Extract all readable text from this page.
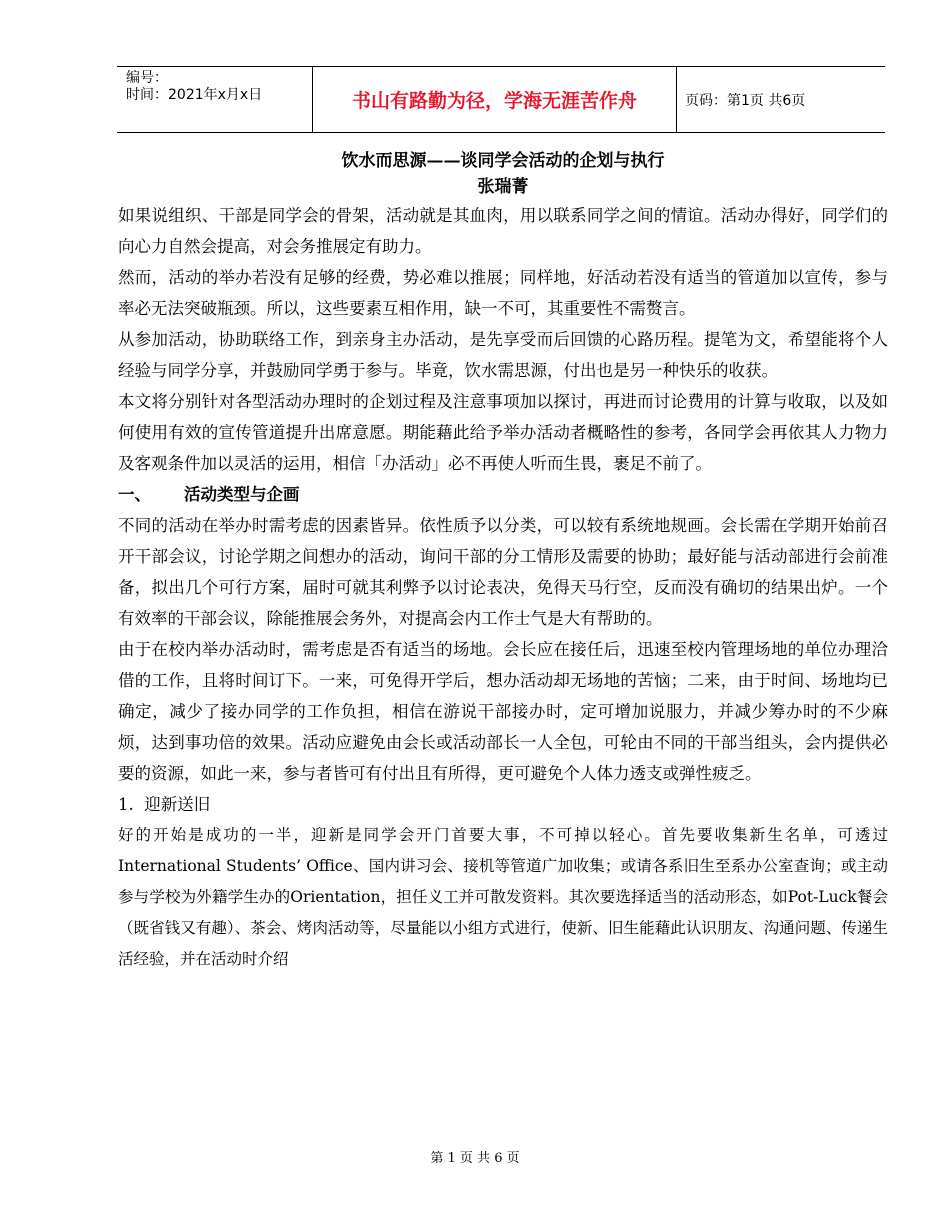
编号：
时间：2021年x月x日	书山有路勤为径，学海无涯苦作舟	页码：第1页 共6页

饮水而思源——谈同学会活动的企划与执行

张瑞菁

如果说组织、干部是同学会的骨架，活动就是其血肉，用以联系同学之间的情谊。活动办得好，同学们的向心力自然会提高，对会务推展定有助力。

然而，活动的举办若没有足够的经费，势必难以推展；同样地，好活动若没有适当的管道加以宣传，参与率必无法突破瓶颈。所以，这些要素互相作用，缺一不可，其重要性不需赘言。

从参加活动，协助联络工作，到亲身主办活动，是先享受而后回馈的心路历程。提笔为文，希望能将个人经验与同学分享，并鼓励同学勇于参与。毕竟，饮水需思源，付出也是另一种快乐的收获。

本文将分别针对各型活动办理时的企划过程及注意事项加以探讨，再进而讨论费用的计算与收取，以及如何使用有效的宣传管道提升出席意愿。期能藉此给予举办活动者概略性的参考，各同学会再依其人力物力及客观条件加以灵活的运用，相信「办活动」必不再使人听而生畏，裹足不前了。

一、	活动类型与企画

不同的活动在举办时需考虑的因素皆异。依性质予以分类，可以较有系统地规画。会长需在学期开始前召开干部会议，讨论学期之间想办的活动，询问干部的分工情形及需要的协助；最好能与活动部进行会前准备，拟出几个可行方案，届时可就其利弊予以讨论表决，免得天马行空，反而没有确切的结果出炉。一个有效率的干部会议，除能推展会务外，对提高会内工作士气是大有帮助的。

由于在校内举办活动时，需考虑是否有适当的场地。会长应在接任后，迅速至校内管理场地的单位办理洽借的工作，且将时间订下。一来，可免得开学后，想办活动却无场地的苦恼；二来，由于时间、场地均已确定，减少了接办同学的工作负担，相信在游说干部接办时，定可增加说服力，并减少筹办时的不少麻烦，达到事功倍的效果。活动应避免由会长或活动部长一人全包，可轮由不同的干部当组头，会内提供必要的资源，如此一来，参与者皆可有付出且有所得，更可避免个人体力透支或弹性疲乏。

1.  迎新送旧

好的开始是成功的一半，迎新是同学会开门首要大事，不可掉以轻心。首先要收集新生名单，可透过International Students’ Office、国内讲习会、接机等管道广加收集；或请各系旧生至系办公室查询；或主动参与学校为外籍学生办的Orientation，担任义工并可散发资料。其次要选择适当的活动形态，如Pot-Luck餐会（既省钱又有趣）、茶会、烤肉活动等，尽量能以小组方式进行，使新、旧生能藉此认识朋友、沟通问题、传递生活经验，并在活动时介绍

第 1 页 共 6 页
